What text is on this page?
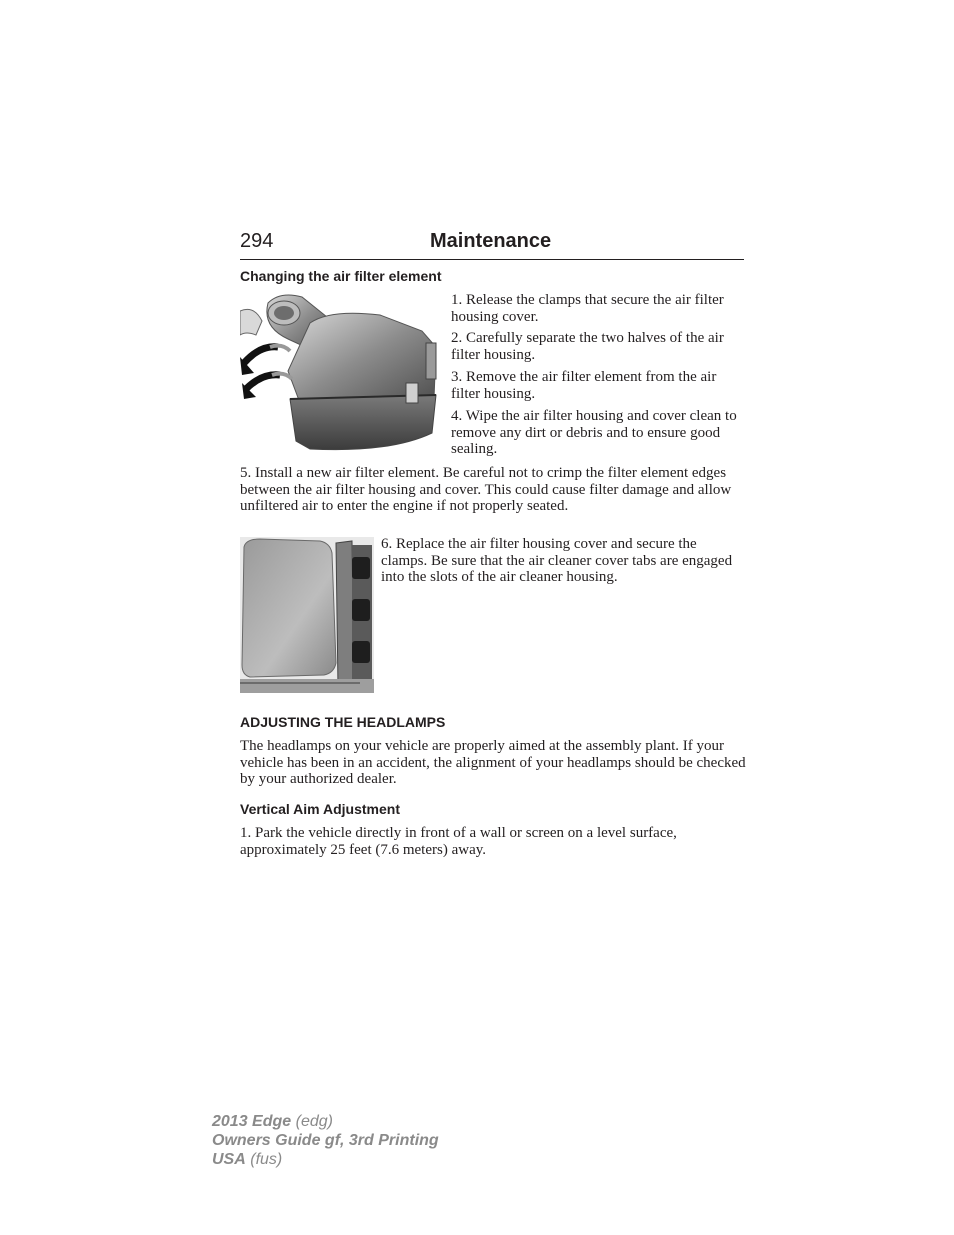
294	Maintenance
Changing the air filter element

1. Release the clamps that secure the air filter housing cover.

2. Carefully separate the two halves of the air filter housing.

3. Remove the air filter element from the air filter housing.

4. Wipe the air filter housing and cover clean to remove any dirt or debris and to ensure good sealing.

5. Install a new air filter element. Be careful not to crimp the filter element edges between the air filter housing and cover. This could cause filter damage and allow unfiltered air to enter the engine if not properly seated.

6. Replace the air filter housing cover and secure the clamps. Be sure that the air cleaner cover tabs are engaged into the slots of the air cleaner housing.

ADJUSTING THE HEADLAMPS

The headlamps on your vehicle are properly aimed at the assembly plant. If your vehicle has been in an accident, the alignment of your headlamps should be checked by your authorized dealer.

Vertical Aim Adjustment

1. Park the vehicle directly in front of a wall or screen on a level surface, approximately 25 feet (7.6 meters) away.

2013 Edge (edg)
Owners Guide gf, 3rd Printing
USA (fus)
